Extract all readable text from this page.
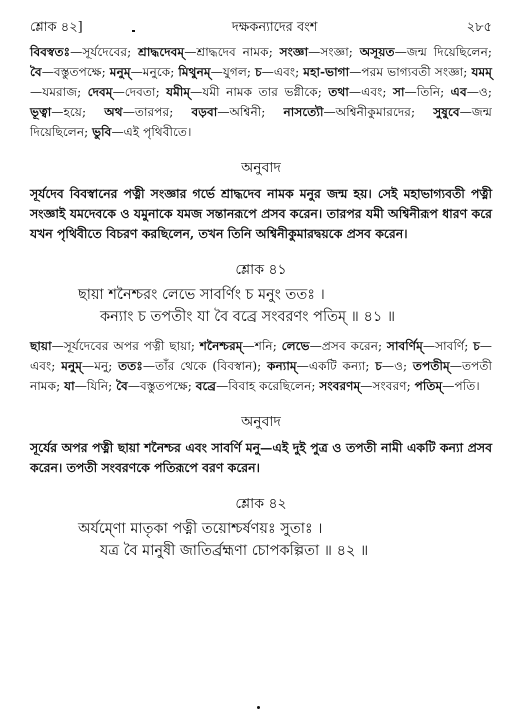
শ্লোক ৪২]	দক্ষকন্যাদের বংশ	২৮৫

বিবস্বতঃ—সূর্যদেবের; শ্রাদ্ধদেবম্—শ্রাদ্ধদেব নামক; সংজ্ঞা—সংজ্ঞা; অসূয়ত—জন্ম দিয়েছিলেন; বৈ—বস্তুতপক্ষে; মনুম্—মনুকে; মিথুনম্—যুগল; চ—এবং; মহা-ভাগা—পরম ভাগ্যবতী সংজ্ঞা; যমম্—যমরাজ; দেবম্—দেবতা; যমীম্—যমী নামক তার ভগ্নীকে; তথা—এবং; সা—তিনি; এব—ও; ভূত্বা—হয়ে; অথ—তারপর; বড়বা—অশ্বিনী; নাসত্যৌ—অশ্বিনীকুমারদের; সুষুবে—জন্ম দিয়েছিলেন; ভুবি—এই পৃথিবীতে।

অনুবাদ

সূর্যদেব বিবস্বানের পত্নী সংজ্ঞার গর্ভে শ্রাদ্ধদেব নামক মনুর জন্ম হয়। সেই মহাভাগ্যবতী পত্নী সংজ্ঞাই যমদেবকে ও যমুনাকে যমজ সন্তানরূপে প্রসব করেন। তারপর যমী অশ্বিনীরূপ ধারণ করে যখন পৃথিবীতে বিচরণ করছিলেন, তখন তিনি অশ্বিনীকুমারদ্বয়কে প্রসব করেন।

শ্লোক ৪১
ছায়া শনৈশ্চরং লেভে সাবর্ণিং চ মনুং ততঃ ।
কন্যাং চ তপতীং যা বৈ বব্রে সংবরণং পতিম্ ॥ ৪১ ॥

ছায়া—সূর্যদেবের অপর পত্নী ছায়া; শনৈশ্চরম্—শনি; লেভে—প্রসব করেন; সাবর্ণিম্—সাবর্ণি; চ—এবং; মনুম্—মনু; ততঃ—তাঁর থেকে (বিবস্বান); কন্যাম্—একটি কন্যা; চ—ও; তপতীম্—তপতী নামক; যা—যিনি; বৈ—বস্তুতপক্ষে; বব্রে—বিবাহ করেছিলেন; সংবরণম্—সংবরণ; পতিম্—পতি।

অনুবাদ

সূর্যের অপর পত্নী ছায়া শনৈশ্চর এবং সাবর্ণি মনু—এই দুই পুত্র ও তপতী নামী একটি কন্যা প্রসব করেন। তপতী সংবরণকে পতিরূপে বরণ করেন।

শ্লোক ৪২
অর্যম্ণো মাতৃকা পত্নী তয়োশ্চর্ষণয়ঃ সুতাঃ ।
যত্র বৈ মানুষী জাতির্ব্রহ্মণা চোপকল্পিতা ॥ ৪২ ॥
